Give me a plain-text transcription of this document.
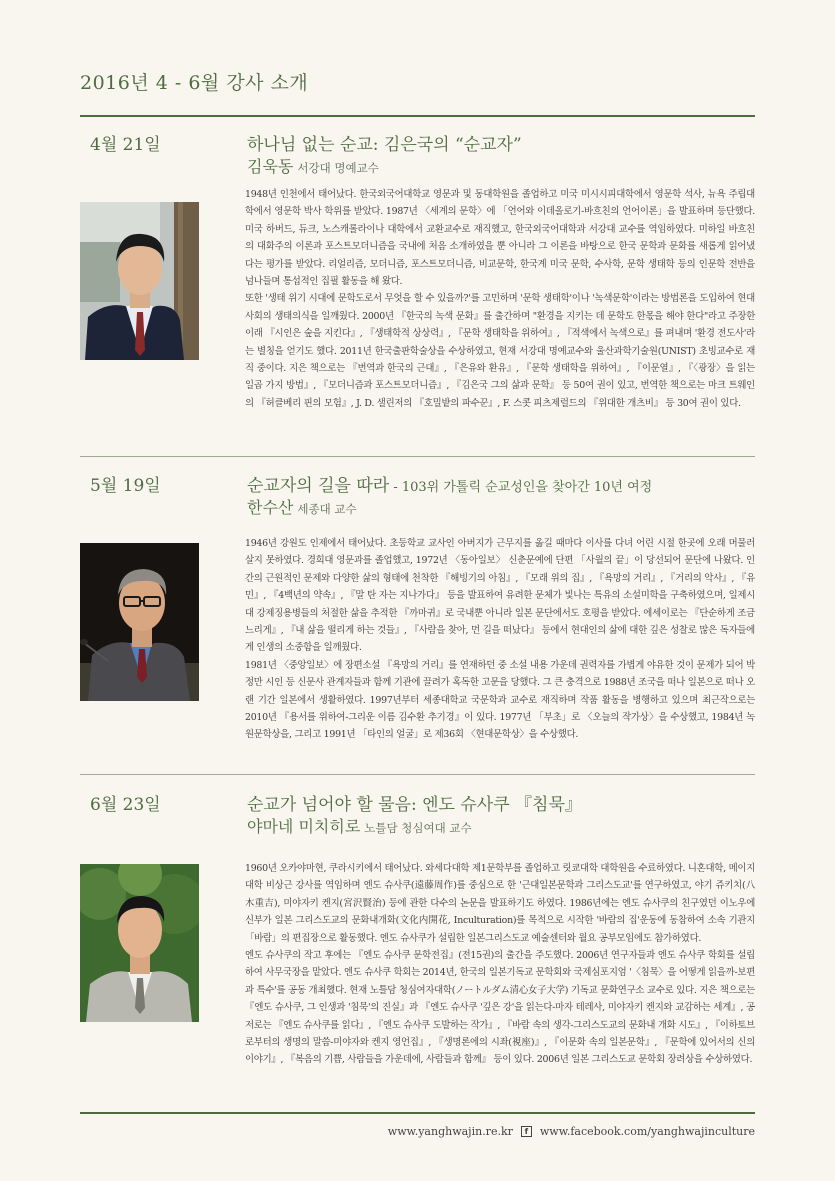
2016년 4 - 6월 강사 소개
4월 21일	하나님 없는 순교: 김은국의 “순교자”
김욱동 서강대 명예교수

1948년 인천에서 태어났다. 한국외국어대학교 영문과 및 동대학원을 졸업하고 미국 미시시피대학에서 영문학 석사, 뉴욕 주립대학에서 영문학 박사 학위를 받았다. 1987년 〈세계의 문학〉에 「언어와 이데올로기-바흐친의 언어이론」을 발표하며 등단했다. 미국 하버드, 듀크, 노스캐롤라이나 대학에서 교환교수로 재직했고, 한국외국어대학과 서강대 교수를 역임하였다. 미하일 바흐친의 대화주의 이론과 포스트모더니즘을 국내에 처음 소개하였을 뿐 아니라 그 이론을 바탕으로 한국 문학과 문화를 새롭게 읽어냈다는 평가를 받았다. 리얼리즘, 모더니즘, 포스트모더니즘, 비교문학, 한국계 미국 문학, 수사학, 문학 생태학 등의 인문학 전반을 넘나들며 통섭적인 집필 활동을 해 왔다.

또한 '생태 위기 시대에 문학도로서 무엇을 할 수 있을까?'를 고민하며 '문학 생태학'이나 '녹색문학'이라는 방법론을 도입하여 현대사회의 생태의식을 일깨웠다. 2000년 『한국의 녹색 문화』를 출간하며 "환경을 지키는 데 문학도 한몫을 해야 한다"라고 주장한 이래 『시인은 숲을 지킨다』, 『생태학적 상상력』, 『문학 생태학을 위하여』, 『적색에서 녹색으로』를 펴내며 '환경 전도사'라는 별칭을 얻기도 했다. 2011년 한국출판학술상을 수상하였고, 현재 서강대 명예교수와 울산과학기술원(UNIST) 초빙교수로 재직 중이다. 지은 책으로는 『번역과 한국의 근대』, 『은유와 환유』, 『문학 생태학을 위하여』, 『이문열』, 『〈광장〉을 읽는 일곱 가지 방법』, 『모더니즘과 포스트모더니즘』, 『김은국 그의 삶과 문학』 등 50여 권이 있고, 번역한 책으로는 마크 트웨인의 『허클베리 핀의 모험』, J. D. 샐린저의 『호밀밭의 파수꾼』, F. 스콧 피츠제럴드의 『위대한 개츠비』 등 30여 권이 있다.

5월 19일	순교자의 길을 따라 - 103위 가톨릭 순교성인을 찾아간 10년 여정
한수산 세종대 교수

1946년 강원도 인제에서 태어났다. 초등학교 교사인 아버지가 근무지를 옮길 때마다 이사를 다녀 어린 시절 한곳에 오래 머물러 살지 못하였다. 경희대 영문과를 졸업했고, 1972년 〈동아일보〉 신춘문예에 단편 「사월의 끝」이 당선되어 문단에 나왔다. 인간의 근원적인 문제와 다양한 삶의 형태에 천착한 『해빙기의 아침』, 『모래 위의 집』, 『욕망의 거리』, 『거리의 악사』, 『유민』, 『4백년의 약속』, 『말 탄 자는 지나가다』 등을 발표하여 유려한 문체가 빛나는 특유의 소설미학을 구축하였으며, 일제시대 강제징용병들의 처절한 삶을 추적한 『까마귀』로 국내뿐 아니라 일본 문단에서도 호평을 받았다. 에세이로는 『단순하게 조금 느리게』, 『내 삶을 떨리게 하는 것들』, 『사람을 찾아, 먼 길을 떠났다』 등에서 현대인의 삶에 대한 깊은 성찰로 많은 독자들에게 인생의 소중함을 일깨웠다.

1981년 〈중앙일보〉에 장편소설 『욕망의 거리』를 연재하던 중 소설 내용 가운데 권력자를 가볍게 야유한 것이 문제가 되어 박정만 시인 등 신문사 관계자들과 함께 기관에 끌려가 혹독한 고문을 당했다. 그 큰 충격으로 1988년 조국을 떠나 일본으로 떠나 오랜 기간 일본에서 생활하였다. 1997년부터 세종대학교 국문학과 교수로 재직하며 작품 활동을 병행하고 있으며 최근작으로는 2010년 『용서를 위하여-그리운 이름 김수환 추기경』이 있다. 1977년 「부초」로 〈오늘의 작가상〉을 수상했고, 1984년 녹원문학상을, 그리고 1991년 「타인의 얼굴」로 제36회 〈현대문학상〉을 수상했다.

6월 23일	순교가 넘어야 할 물음: 엔도 슈사쿠 『침묵』
야마네 미치히로 노틀담 청심여대 교수

1960년 오카야마현, 쿠라시키에서 태어났다. 와세다대학 제1문학부를 졸업하고 릿쿄대학 대학원을 수료하였다. 니혼대학, 메이지대학 비상근 강사를 역임하며 엔도 슈사쿠(遠藤周作)를 중심으로 한 '근대일본문학과 그리스도교'를 연구하였고, 야기 쥬키치(八木重吉), 미야자키 켄지(宮沢賢治) 등에 관한 다수의 논문을 발표하기도 하였다. 1986년에는 엔도 슈사쿠의 친구였던 이노우에 신부가 일본 그리스도교의 문화내개화(文化内開花, Inculturation)를 목적으로 시작한 '바람의 집'운동에 동참하여 소속 기관지 「바람」의 편집장으로 활동했다. 엔도 슈사쿠가 설립한 일본그리스도교 예술센터와 월요 공부모임에도 참가하였다.

엔도 슈사쿠의 작고 후에는 『엔도 슈사쿠 문학전집』(전15권)의 출간을 주도했다. 2006년 연구자들과 엔도 슈사쿠 학회를 설립하여 사무국장을 맡았다. 엔도 슈사쿠 학회는 2014년, 한국의 일본기독교 문학회와 국제심포지엄 '〈침묵〉을 어떻게 읽을까-보편과 특수'를 공동 개최했다. 현재 노틀담 청심여자대학(ノートルダム清心女子大学) 기독교 문화연구소 교수로 있다. 지은 책으로는 『엔도 슈사쿠, 그 인생과 '침묵'의 진실』과 『엔도 슈사쿠 '깊은 강'을 읽는다-마자 테레사, 미야자키 켄지와 교감하는 세계』, 공저로는 『엔도 슈사쿠를 읽다』, 『엔도 슈사쿠 도발하는 작가』, 『바람 속의 생각-그리스도교의 문화내 개화 시도』, 『이하토브로부터의 생명의 말씀-미야자와 켄지 영언집』, 『생명론에의 시좌(視座)』, 『이문화 속의 일본문학』, 『문학에 있어서의 신의 이야기』, 『복음의 기쁨, 사람들을 가운데에, 사람들과 함께』 등이 있다. 2006년 일본 그리스도교 문학회 장려상을 수상하였다.

www.yanghwajin.re.kr	f	www.facebook.com/yanghwajinculture
